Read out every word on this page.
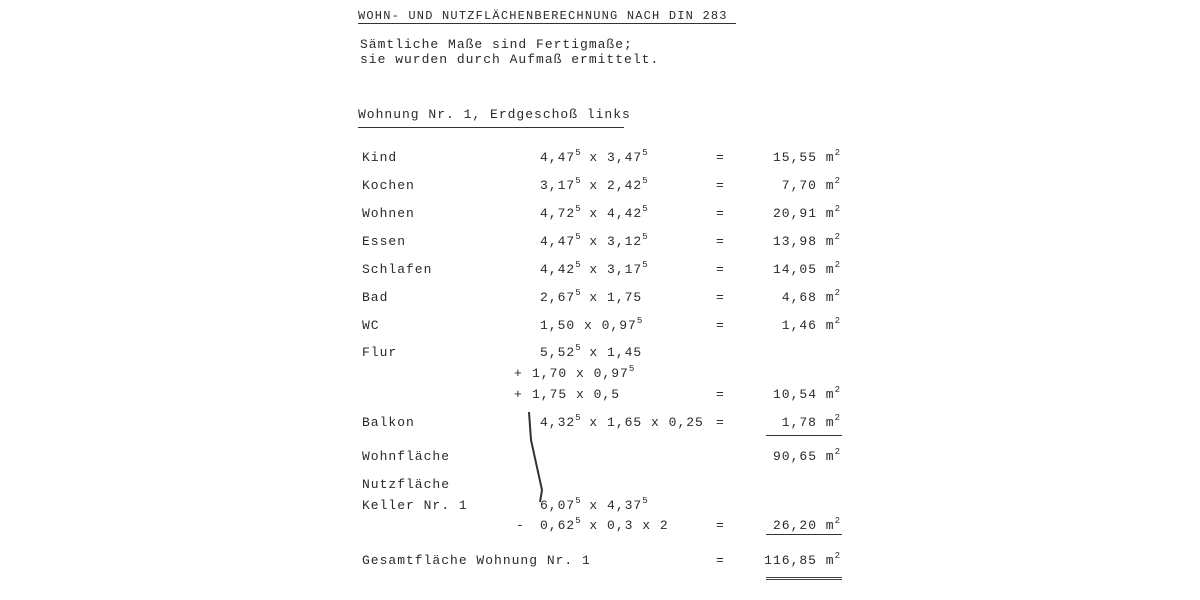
WOHN- UND NUTZFLÄCHENBERECHNUNG NACH DIN 283
Sämtliche Maße sind Fertigmaße;
sie wurden durch Aufmaß ermittelt.
Wohnung Nr. 1, Erdgeschoß links
Kind	4,47$^5$ x $3,47^5$	=	15,55 $m^2$
Kochen	3,17$^5$ x $2,42^5$	=	7,70 $m^2$
Wohnen	4,72$^5$ x $4,42^5$	=	20,91 $m^2$
Essen	4,47$^5$ x $3,12^5$	=	13,98 $m^2$
Schlafen	4,42$^5$ x $3,17^5$	=	14,05 $m^2$
Bad	2,67$^5$ x 1,75	=	4,68 $m^2$
WC	1,50 x $0,97^5$	=	1,46 $m^2$
Flur	5,52$^5$ x 1,45
+ 1,70 x $0,97^5$
+ 1,75 x 0,5	=	10,54 $m^2$
Balkon	4,32$^5$ x 1,65 x 0,25 =	1,78 $m^2$
Wohnfläche	90,65 $m^2$
Nutzfläche
Keller Nr. 1	6,07$^5$ x 4,37$^5$
- 0,62$^5$ x 0,3 x 2	=	26,20 $m^2$
Gesamtfläche Wohnung Nr. 1	=	116,85 $m^2$
